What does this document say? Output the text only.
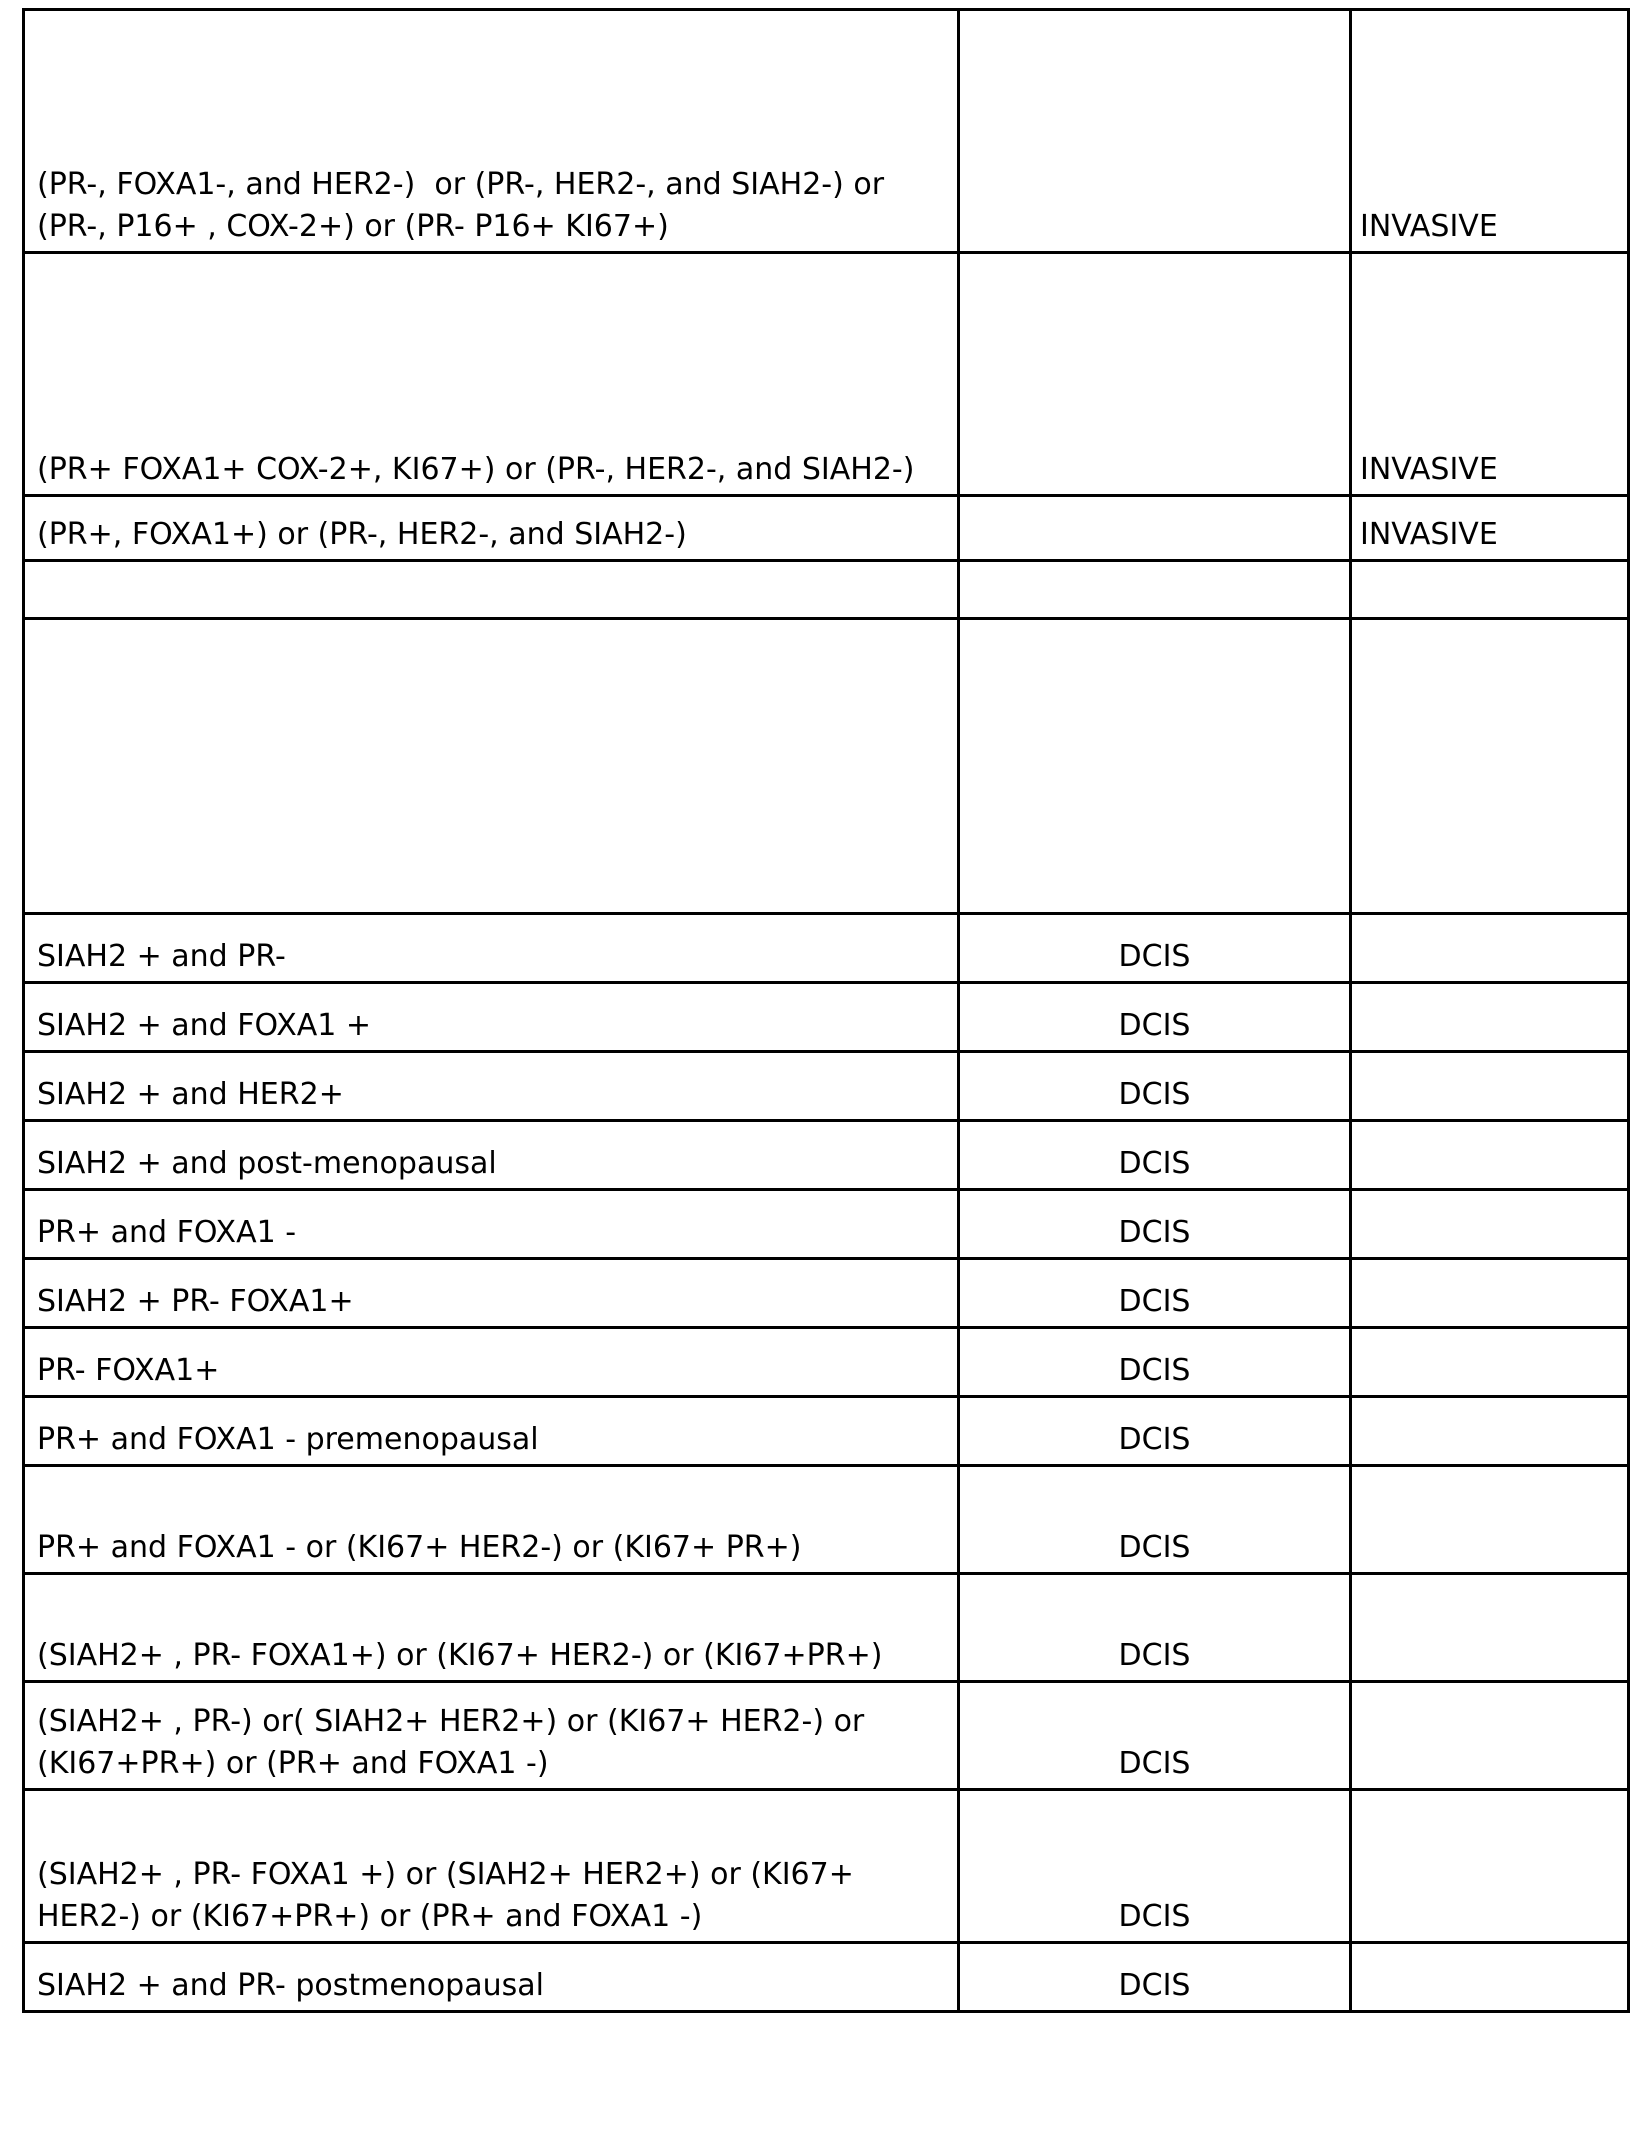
(PR-, FOXA1-, and HER2-)  or (PR-, HER2-, and SIAH2-) or (PR-, P16+ , COX-2+) or (PR- P16+ KI67+)		INVASIVE

(PR+ FOXA1+ COX-2+, KI67+) or (PR-, HER2-, and SIAH2-)		INVASIVE

(PR+, FOXA1+) or (PR-, HER2-, and SIAH2-)		INVASIVE

SIAH2 + and PR-	DCIS	

SIAH2 + and FOXA1 +	DCIS	

SIAH2 + and HER2+	DCIS	

SIAH2 + and post-menopausal	DCIS	

PR+ and FOXA1 -	DCIS	

SIAH2 + PR- FOXA1+	DCIS	

PR- FOXA1+	DCIS	

PR+ and FOXA1 - premenopausal	DCIS	

PR+ and FOXA1 - or (KI67+ HER2-) or (KI67+ PR+)	DCIS	

(SIAH2+ , PR- FOXA1+) or (KI67+ HER2-) or (KI67+PR+)	DCIS	

(SIAH2+ , PR-) or( SIAH2+ HER2+) or (KI67+ HER2-) or (KI67+PR+) or (PR+ and FOXA1 -)	DCIS	

(SIAH2+ , PR- FOXA1 +) or (SIAH2+ HER2+) or (KI67+ HER2-) or (KI67+PR+) or (PR+ and FOXA1 -)	DCIS	

SIAH2 + and PR- postmenopausal	DCIS	
